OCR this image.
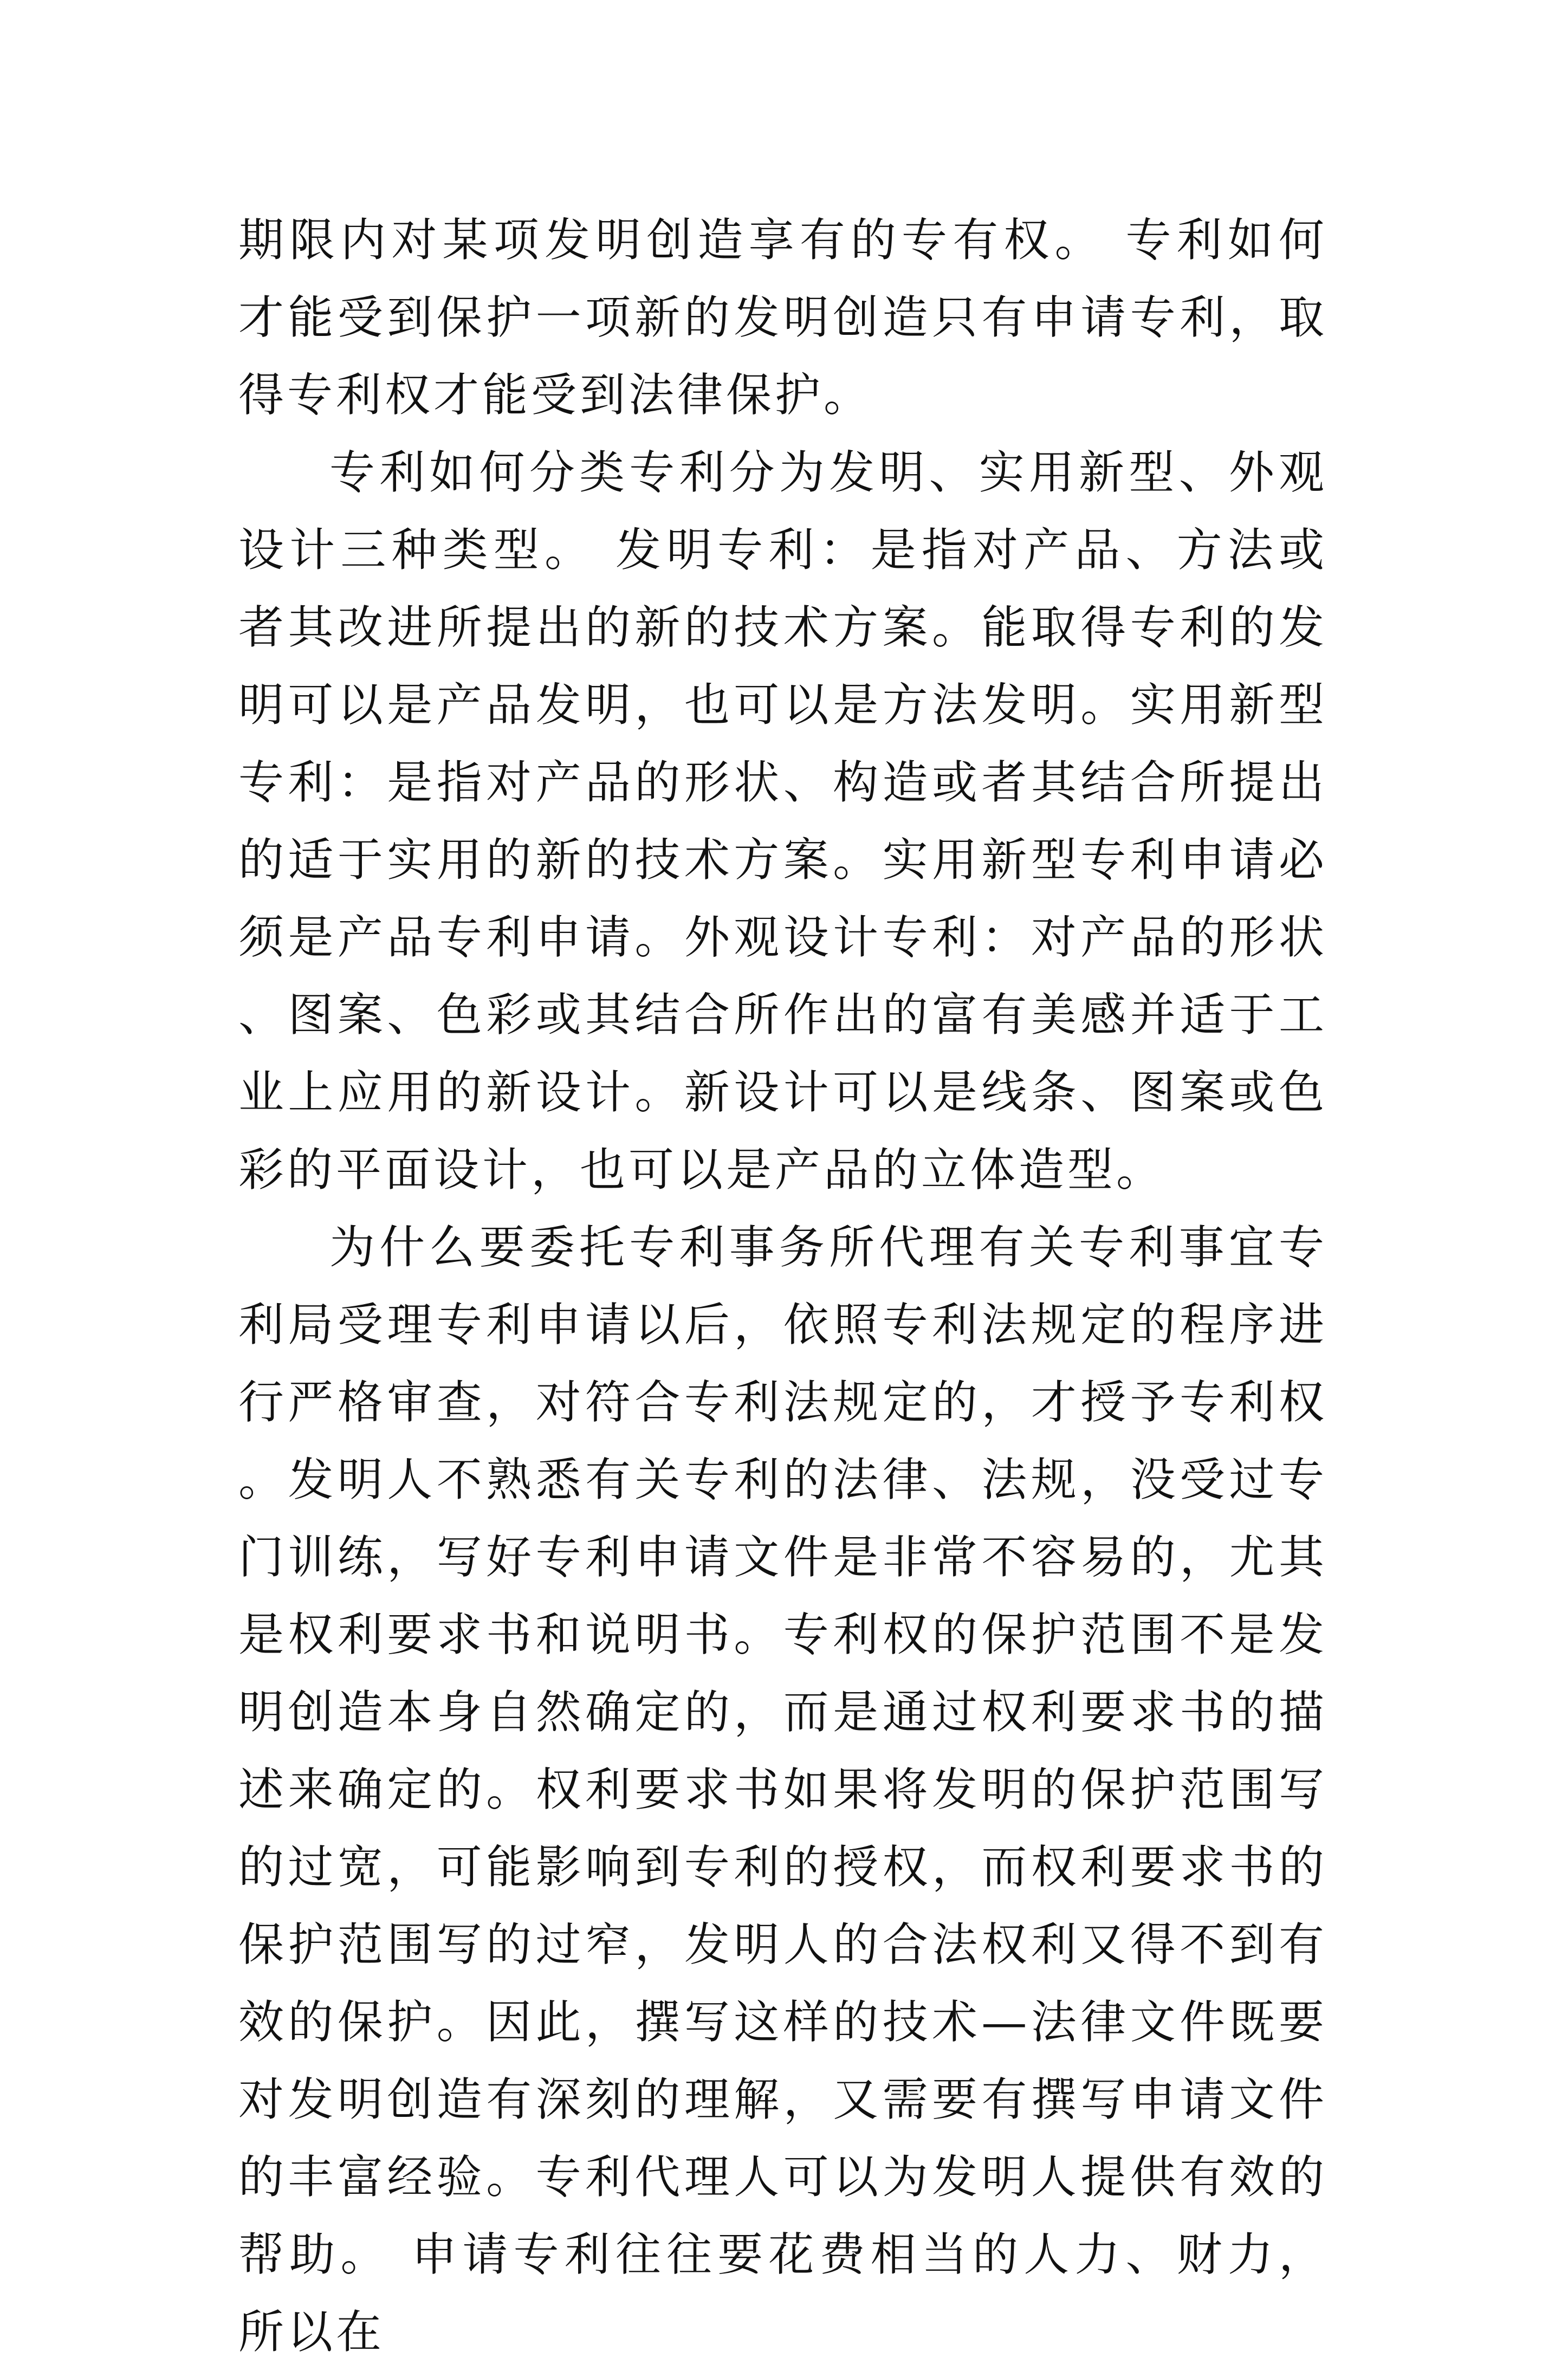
期限内对某项发明创造享有的专有权。 专利如何才能受到保护一项新的发明创造只有申请专利，取得专利权才能受到法律保护。

专利如何分类专利分为发明、实用新型、外观设计三种类型。 发明专利：是指对产品、方法或者其改进所提出的新的技术方案。能取得专利的发明可以是产品发明，也可以是方法发明。实用新型专利：是指对产品的形状、构造或者其结合所提出的适于实用的新的技术方案。实用新型专利申请必须是产品专利申请。外观设计专利：对产品的形状、图案、色彩或其结合所作出的富有美感并适于工业上应用的新设计。新设计可以是线条、图案或色彩的平面设计，也可以是产品的立体造型。

为什么要委托专利事务所代理有关专利事宜专利局受理专利申请以后，依照专利法规定的程序进行严格审查，对符合专利法规定的，才授予专利权。发明人不熟悉有关专利的法律、法规，没受过专门训练，写好专利申请文件是非常不容易的，尤其是权利要求书和说明书。专利权的保护范围不是发明创造本身自然确定的，而是通过权利要求书的描述来确定的。权利要求书如果将发明的保护范围写的过宽，可能影响到专利的授权，而权利要求书的保护范围写的过窄，发明人的合法权利又得不到有效的保护。因此，撰写这样的技术—法律文件既要对发明创造有深刻的理解，又需要有撰写申请文件的丰富经验。专利代理人可以为发明人提供有效的帮助。 申请专利往往要花费相当的人力、财力，所以在
